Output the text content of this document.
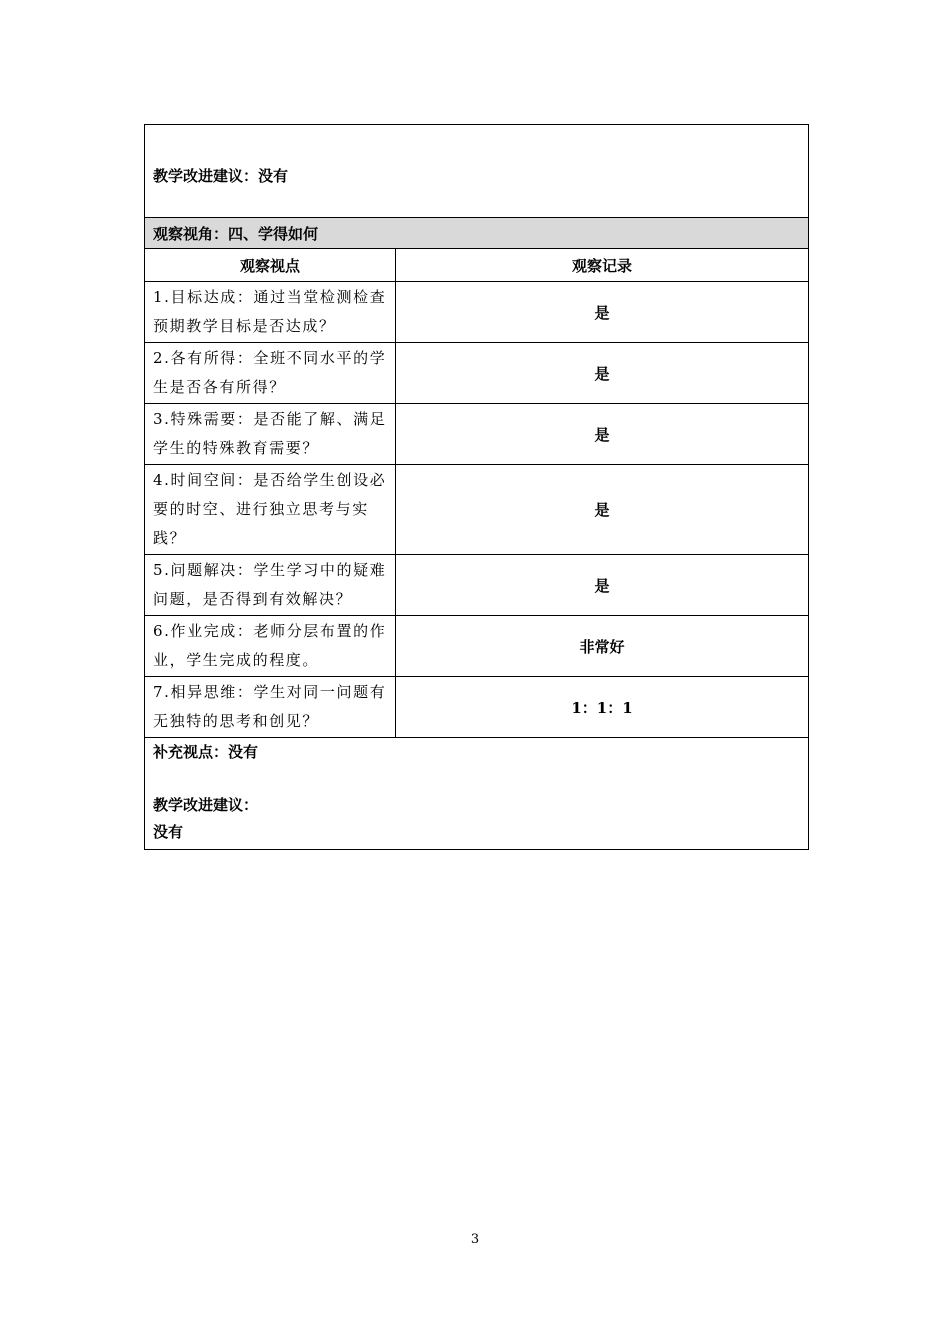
教学改进建议：没有	
观察视角：四、学得如何	
观察视点	观察记录
1.目标达成：通过当堂检测检查预期教学目标是否达成？	是
2.各有所得：全班不同水平的学生是否各有所得？	是
3.特殊需要：是否能了解、满足学生的特殊教育需要？	是
4.时间空间：是否给学生创设必要的时空、进行独立思考与实践？	是
5.问题解决：学生学习中的疑难问题，是否得到有效解决？	是
6.作业完成：老师分层布置的作业，学生完成的程度。	非常好
7.相异思维：学生对同一问题有无独特的思考和创见？	1：1：1

补充视点：没有
教学改进建议：
没有	
3
